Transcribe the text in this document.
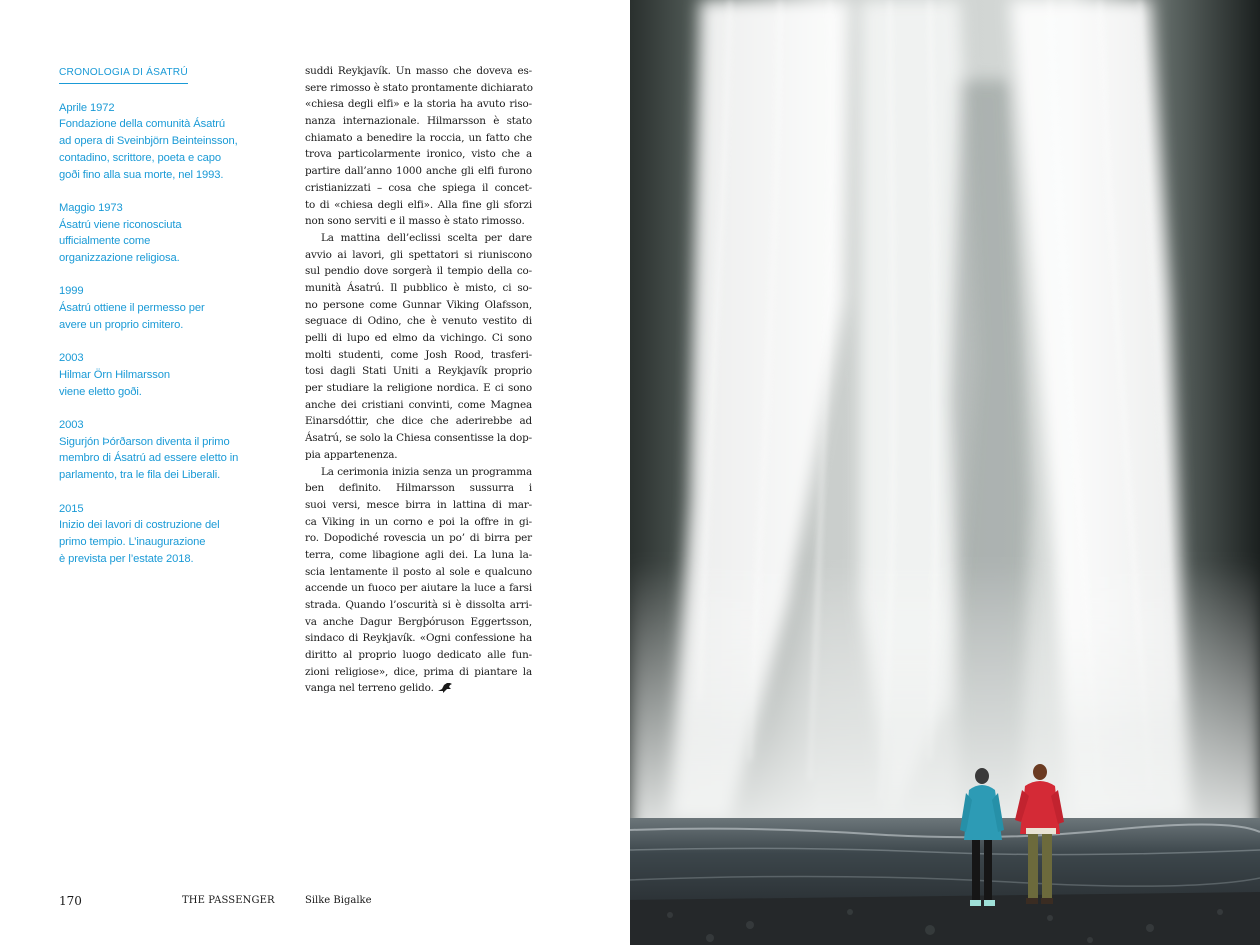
CRONOLOGIA DI ÁSATRÚ
Aprile 1972
Fondazione della comunità Ásatrú
ad opera di Sveinbjörn Beinteinsson,
contadino, scrittore, poeta e capo
goði fino alla sua morte, nel 1993.
Maggio 1973
Ásatrú viene riconosciuta
ufficialmente come
organizzazione religiosa.
1999
Ásatrú ottiene il permesso per
avere un proprio cimitero.
2003
Hilmar Örn Hilmarsson
viene eletto goði.
2003
Sigurjón Þórðarson diventa il primo
membro di Ásatrú ad essere eletto in
parlamento, tra le fila dei Liberali.
2015
Inizio dei lavori di costruzione del
primo tempio. L’inaugurazione
è prevista per l’estate 2018.
suddi Reykjavík. Un masso che doveva es-
sere rimosso è stato prontamente dichiarato
«chiesa degli elfi» e la storia ha avuto riso-
nanza internazionale. Hilmarsson è stato
chiamato a benedire la roccia, un fatto che
trova particolarmente ironico, visto che a
partire dall’anno 1000 anche gli elfi furono
cristianizzati – cosa che spiega il concet-
to di «chiesa degli elfi». Alla fine gli sforzi
non sono serviti e il masso è stato rimosso.
La mattina dell’eclissi scelta per dare
avvio ai lavori, gli spettatori si riuniscono
sul pendio dove sorgerà il tempio della co-
munità Ásatrú. Il pubblico è misto, ci so-
no persone come Gunnar Viking Olafsson,
seguace di Odino, che è venuto vestito di
pelli di lupo ed elmo da vichingo. Ci sono
molti studenti, come Josh Rood, trasferi-
tosi dagli Stati Uniti a Reykjavík proprio
per studiare la religione nordica. E ci sono
anche dei cristiani convinti, come Magnea
Einarsdóttir, che dice che aderirebbe ad
Ásatrú, se solo la Chiesa consentisse la dop-
pia appartenenza.
La cerimonia inizia senza un programma
ben definito. Hilmarsson sussurra i
suoi versi, mesce birra in lattina di mar-
ca Viking in un corno e poi la offre in gi-
ro. Dopodiché rovescia un po’ di birra per
terra, come libagione agli dei. La luna la-
scia lentamente il posto al sole e qualcuno
accende un fuoco per aiutare la luce a farsi
strada. Quando l’oscurità si è dissolta arri-
va anche Dagur Bergþóruson Eggertsson,
sindaco di Reykjavík. «Ogni confessione ha
diritto al proprio luogo dedicato alle fun-
zioni religiose», dice, prima di piantare la
vanga nel terreno gelido.
170	THE PASSENGER	Silke Bigalke
